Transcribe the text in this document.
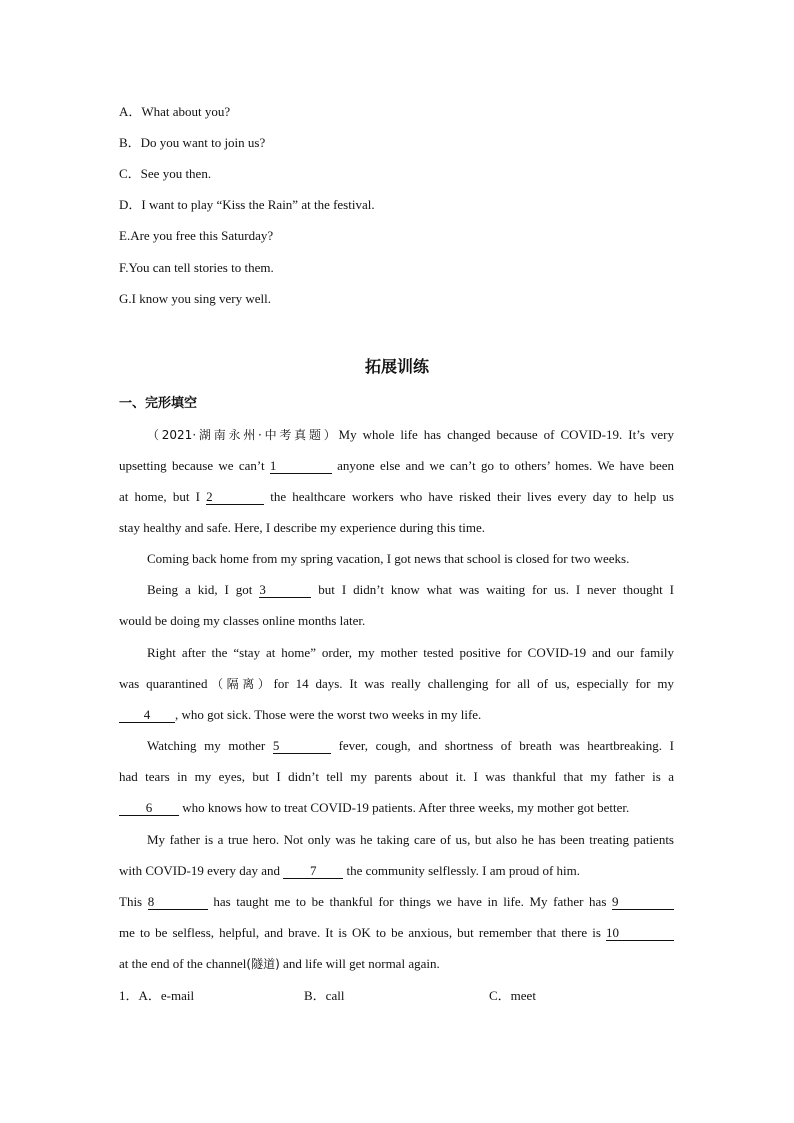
A．What about you?
B．Do you want to join us?
C．See you then.
D．I want to play “Kiss the Rain” at the festival.
E.Are you free this Saturday?
F.You can tell stories to them.
G.I know you sing very well.
拓展训练
一、完形填空
（2021·湖南永州·中考真题）My whole life has changed because of COVID-19. It’s very
upsetting because we can’t 1	anyone else and we can’t go to others’ homes. We have been
at home, but I 2	the healthcare workers who have risked their lives every day to help us
stay healthy and safe. Here, I describe my experience during this time.
Coming back home from my spring vacation, I got news that school is closed for two weeks.
Being a kid, I got 3	but I didn’t know what was waiting for us. I never thought I
would be doing my classes online months later.
Right after the “stay at home” order, my mother tested positive for COVID-19 and our family
was quarantined（隔离）for 14 days. It was really challenging for all of us, especially for my
4 , who got sick. Those were the worst two weeks in my life.
Watching my mother 5	fever, cough, and shortness of breath was heartbreaking. I
had tears in my eyes, but I didn’t tell my parents about it. I was thankful that my father is a
6 who knows how to treat COVID-19 patients. After three weeks, my mother got better.
My father is a true hero. Not only was he taking care of us, but also he has been treating patients
with COVID-19 every day and 7 the community selflessly. I am proud of him.
This 8	has taught me to be thankful for things we have in life. My father has 9
me to be selfless, helpful, and brave. It is OK to be anxious, but remember that there is 10
at the end of the channel(隧道) and life will get normal again.
1．A．e-mail	B．call	C．meet
